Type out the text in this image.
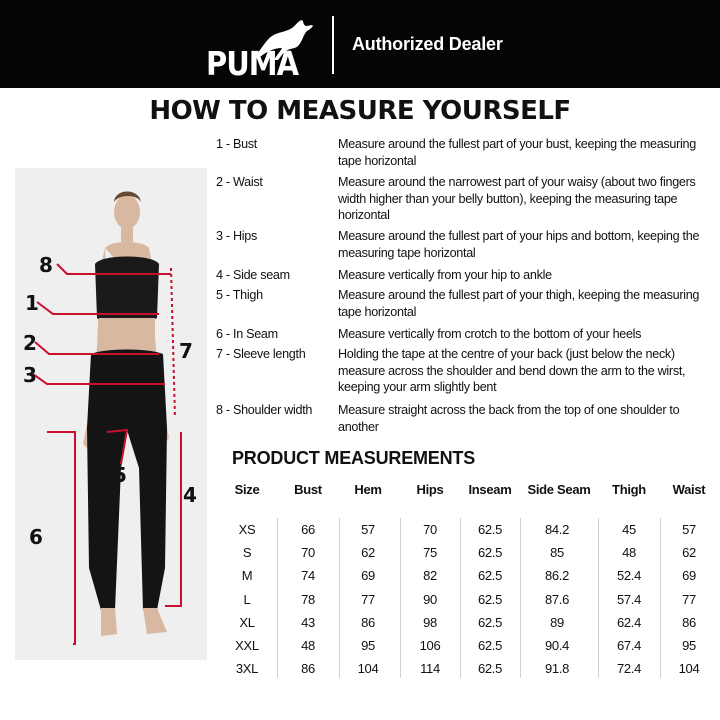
PUMA	Authorized Dealer
HOW TO MEASURE YOURSELF
8
1
2
3
7
5
4
6
1 - Bust	Measure around the fullest part of your bust, keeping the measuring tape horizontal
2 - Waist	Measure around the narrowest part of your waisy (about two fingers width higher than your belly button), keeping the measuring tape horizontal
3 - Hips	Measure around the fullest part of your hips and bottom, keeping the measuring tape horizontal
4 - Side seam	Measure vertically from your hip to ankle
5 - Thigh	Measure around the fullest part of your thigh, keeping the measuring tape horizontal
6 - In Seam	Measure vertically from crotch to the bottom of your heels
7 - Sleeve length	Holding the tape at the centre of your back (just below the neck) measure across the shoulder and bend down the arm to the wirst, keeping your arm slightly bent
8 - Shoulder width	Measure straight across the back from the top of one shoulder to another
PRODUCT MEASUREMENTS
Size	Bust	Hem	Hips	Inseam	Side Seam	Thigh	Waist
XS	66	57	70	62.5	84.2	45	57
S	70	62	75	62.5	85	48	62
M	74	69	82	62.5	86.2	52.4	69
L	78	77	90	62.5	87.6	57.4	77
XL	43	86	98	62.5	89	62.4	86
XXL	48	95	106	62.5	90.4	67.4	95
3XL	86	104	114	62.5	91.8	72.4	104
